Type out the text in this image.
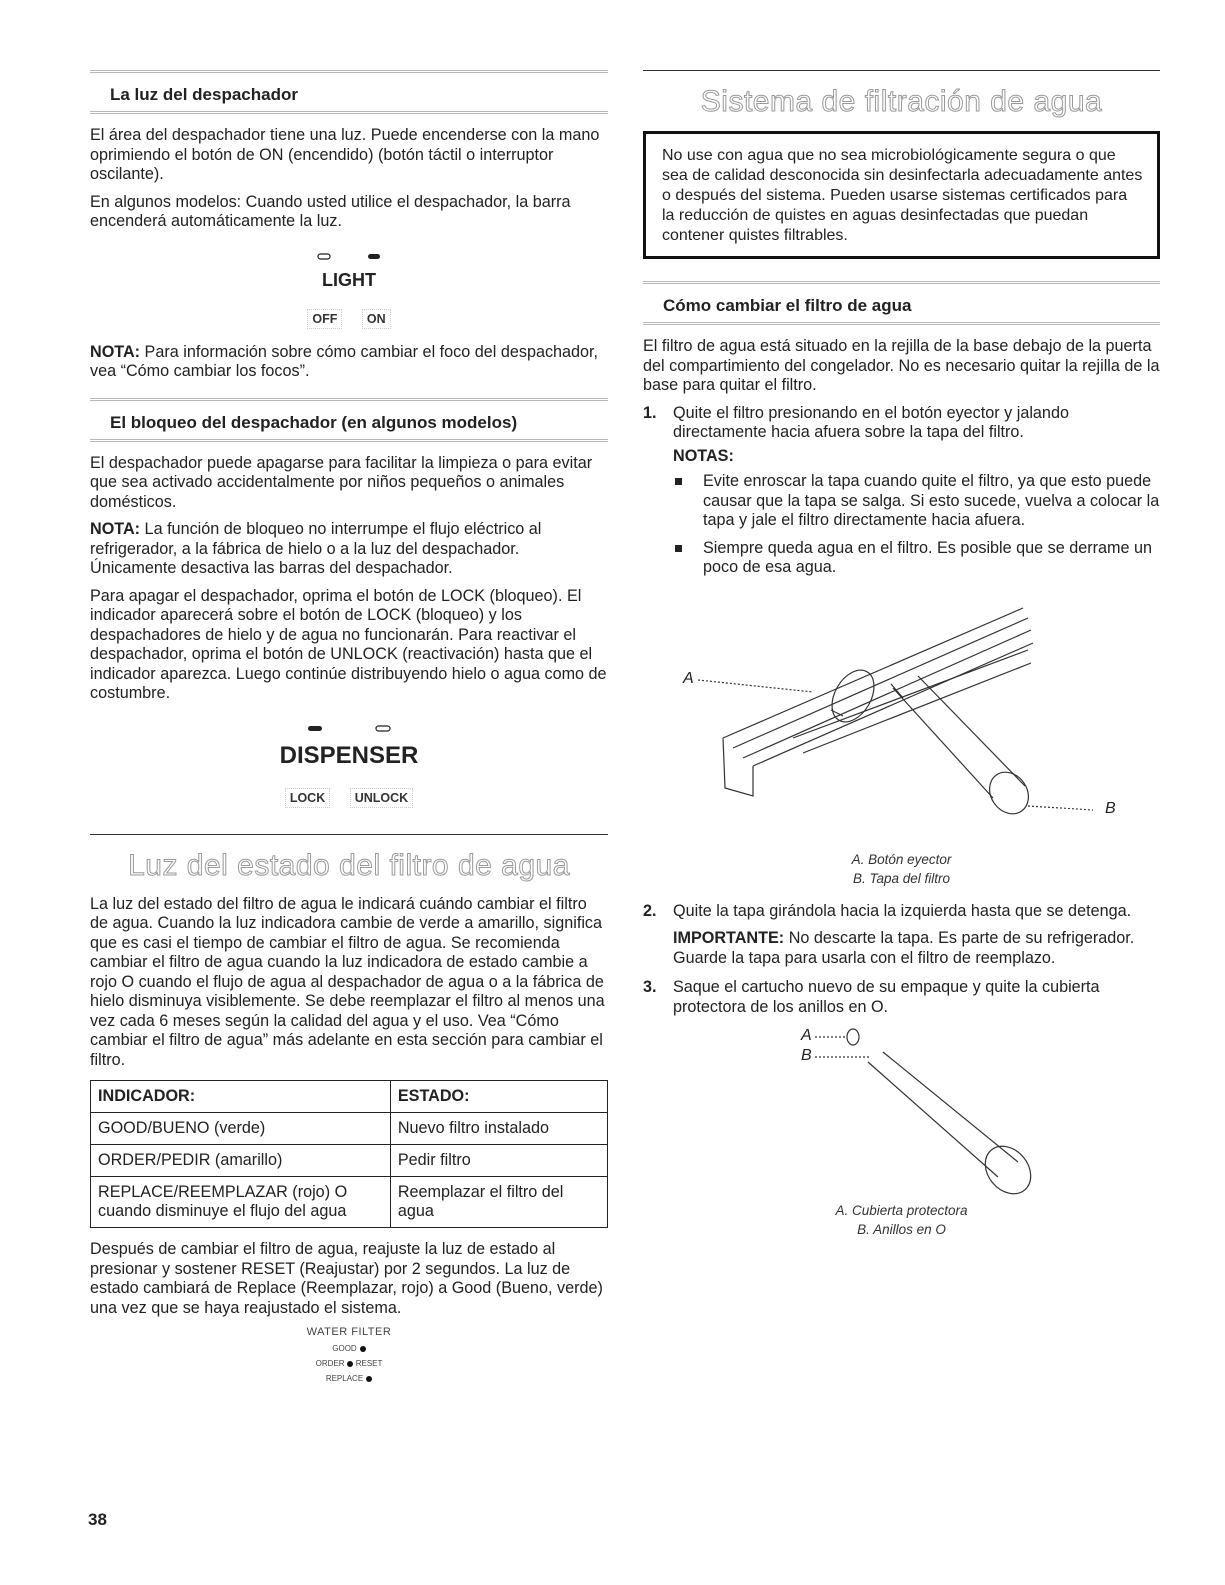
La luz del despachador

El área del despachador tiene una luz. Puede encenderse con la mano oprimiendo el botón de ON (encendido) (botón táctil o interruptor oscilante).

En algunos modelos: Cuando usted utilice el despachador, la barra encenderá automáticamente la luz.

LIGHT
OFF ON

NOTA: Para información sobre cómo cambiar el foco del despachador, vea “Cómo cambiar los focos”.

El bloqueo del despachador (en algunos modelos)

El despachador puede apagarse para facilitar la limpieza o para evitar que sea activado accidentalmente por niños pequeños o animales domésticos.

NOTA: La función de bloqueo no interrumpe el flujo eléctrico al refrigerador, a la fábrica de hielo o a la luz del despachador. Únicamente desactiva las barras del despachador.

Para apagar el despachador, oprima el botón de LOCK (bloqueo). El indicador aparecerá sobre el botón de LOCK (bloqueo) y los despachadores de hielo y de agua no funcionarán. Para reactivar el despachador, oprima el botón de UNLOCK (reactivación) hasta que el indicador aparezca. Luego continúe distribuyendo hielo o agua como de costumbre.

DISPENSER
LOCK UNLOCK
Luz del estado del filtro de agua

La luz del estado del filtro de agua le indicará cuándo cambiar el filtro de agua. Cuando la luz indicadora cambie de verde a amarillo, significa que es casi el tiempo de cambiar el filtro de agua. Se recomienda cambiar el filtro de agua cuando la luz indicadora de estado cambie a rojo O cuando el flujo de agua al despachador de agua o a la fábrica de hielo disminuya visiblemente. Se debe reemplazar el filtro al menos una vez cada 6 meses según la calidad del agua y el uso. Vea “Cómo cambiar el filtro de agua” más adelante en esta sección para cambiar el filtro.

INDICADOR:	ESTADO:
GOOD/BUENO (verde)	Nuevo filtro instalado
ORDER/PEDIR (amarillo)	Pedir filtro
REPLACE/REEMPLAZAR (rojo) O cuando disminuye el flujo del agua	Reemplazar el filtro del agua

Después de cambiar el filtro de agua, reajuste la luz de estado al presionar y sostener RESET (Reajustar) por 2 segundos. La luz de estado cambiará de Replace (Reemplazar, rojo) a Good (Bueno, verde) una vez que se haya reajustado el sistema.

WATER FILTER
GOOD
ORDER RESET
REPLACE
Sistema de filtración de agua

No use con agua que no sea microbiológicamente segura o que sea de calidad desconocida sin desinfectarla adecuadamente antes o después del sistema. Pueden usarse sistemas certificados para la reducción de quistes en aguas desinfectadas que puedan contener quistes filtrables.

Cómo cambiar el filtro de agua

El filtro de agua está situado en la rejilla de la base debajo de la puerta del compartimiento del congelador. No es necesario quitar la rejilla de la base para quitar el filtro.

1. Quite el filtro presionando en el botón eyector y jalando directamente hacia afuera sobre la tapa del filtro.
NOTAS:
Evite enroscar la tapa cuando quite el filtro, ya que esto puede causar que la tapa se salga. Si esto sucede, vuelva a colocar la tapa y jale el filtro directamente hacia afuera.
Siempre queda agua en el filtro. Es posible que se derrame un poco de esa agua.
A
B
A. Botón eyector
B. Tapa del filtro
2. Quite la tapa girándola hacia la izquierda hasta que se detenga.

IMPORTANTE: No descarte la tapa. Es parte de su refrigerador. Guarde la tapa para usarla con el filtro de reemplazo.

3. Saque el cartucho nuevo de su empaque y quite la cubierta protectora de los anillos en O.
A
B
A. Cubierta protectora
B. Anillos en O
38
